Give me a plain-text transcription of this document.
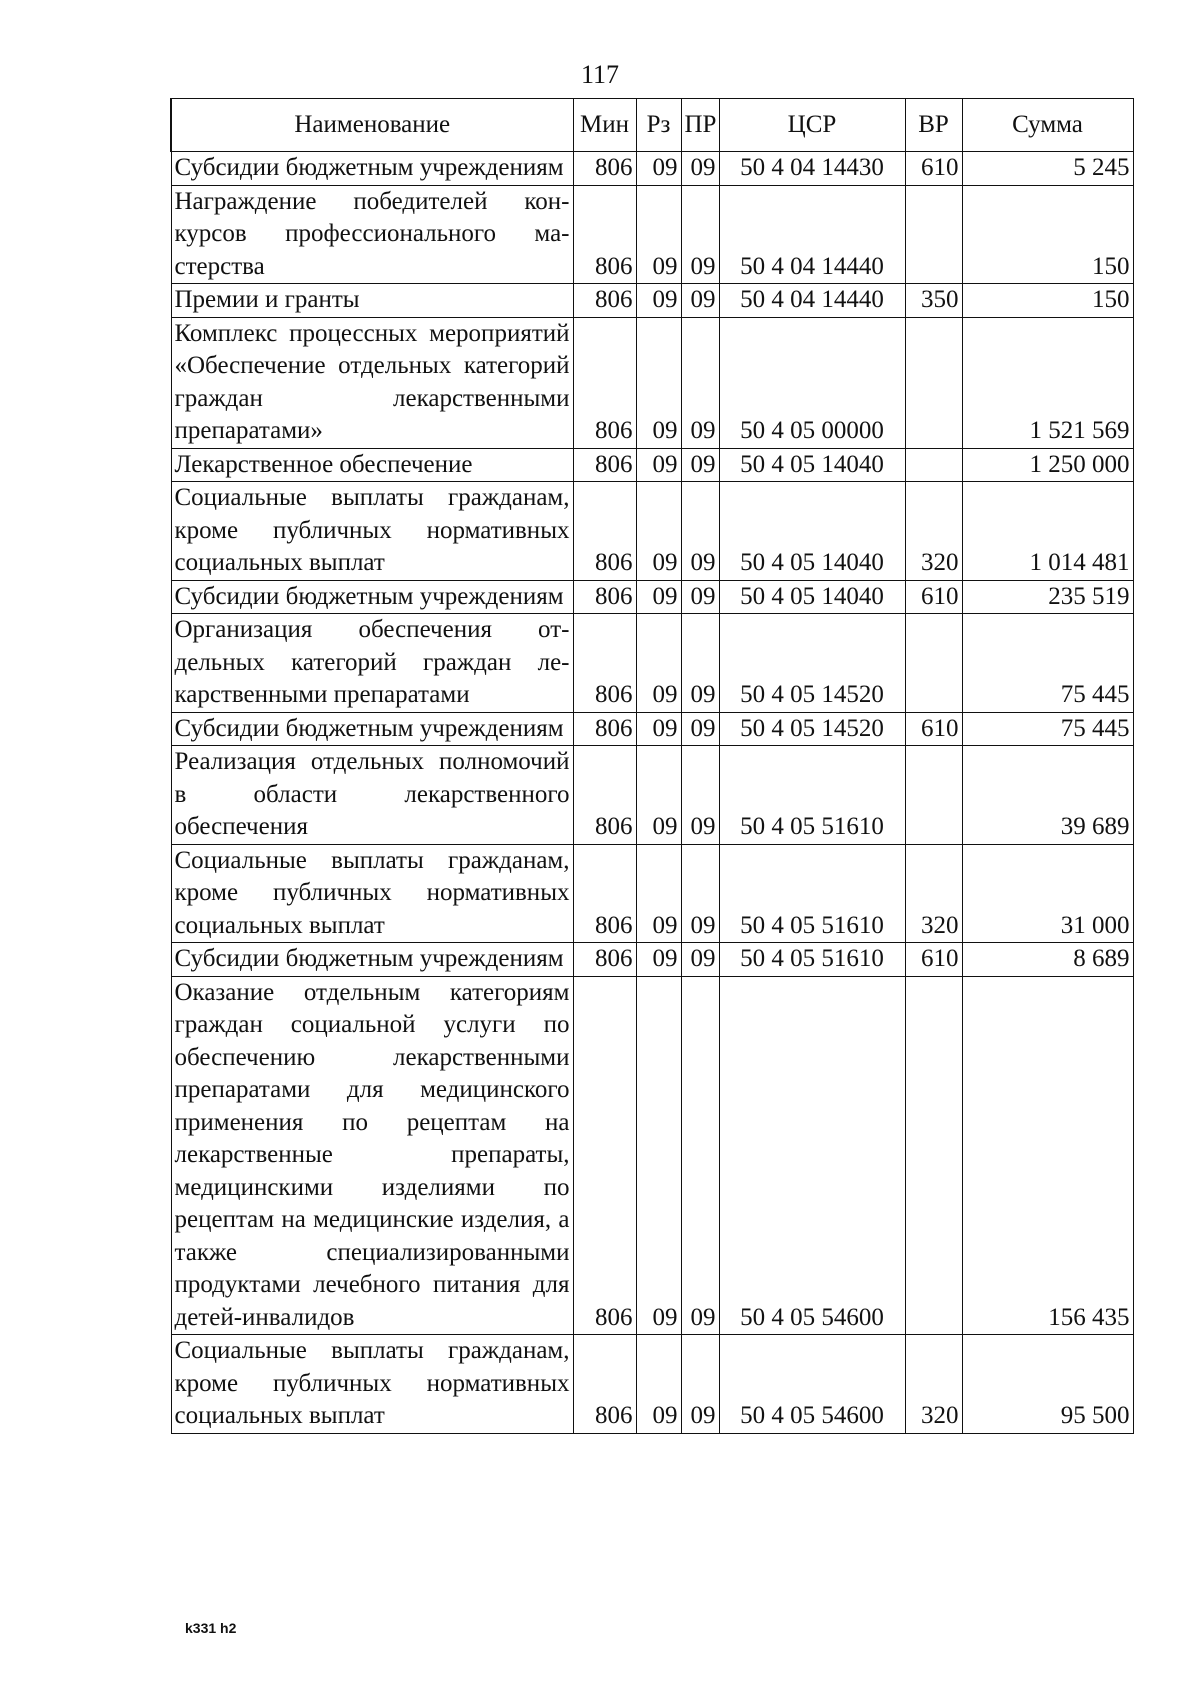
117
Наименование	Мин	Рз	ПР	ЦСР	ВР	Сумма
Субсидии бюджетным учреждениям	806	09	09	50 4 04 14430	610	5 245
Награждение победителей конкурсов профессионального мастерства	806	09	09	50 4 04 14440		150
Премии и гранты	806	09	09	50 4 04 14440	350	150
Комплекс процессных мероприятий «Обеспечение отдельных категорий граждан лекарственными препаратами»	806	09	09	50 4 05 00000		1 521 569
Лекарственное обеспечение	806	09	09	50 4 05 14040		1 250 000
Социальные выплаты гражданам, кроме публичных нормативных социальных выплат	806	09	09	50 4 05 14040	320	1 014 481
Субсидии бюджетным учреждениям	806	09	09	50 4 05 14040	610	235 519
Организация обеспечения отдельных категорий граждан лекарственными препаратами	806	09	09	50 4 05 14520		75 445
Субсидии бюджетным учреждениям	806	09	09	50 4 05 14520	610	75 445
Реализация отдельных полномочий в области лекарственного обеспечения	806	09	09	50 4 05 51610		39 689
Социальные выплаты гражданам, кроме публичных нормативных социальных выплат	806	09	09	50 4 05 51610	320	31 000
Субсидии бюджетным учреждениям	806	09	09	50 4 05 51610	610	8 689
Оказание отдельным категориям граждан социальной услуги по обеспечению лекарственными препаратами для медицинского применения по рецептам на лекарственные препараты, медицинскими изделиями по рецептам на медицинские изделия, а также специализированными продуктами лечебного питания для детей-инвалидов	806	09	09	50 4 05 54600		156 435
Социальные выплаты гражданам, кроме публичных нормативных социальных выплат	806	09	09	50 4 05 54600	320	95 500
k331 h2
